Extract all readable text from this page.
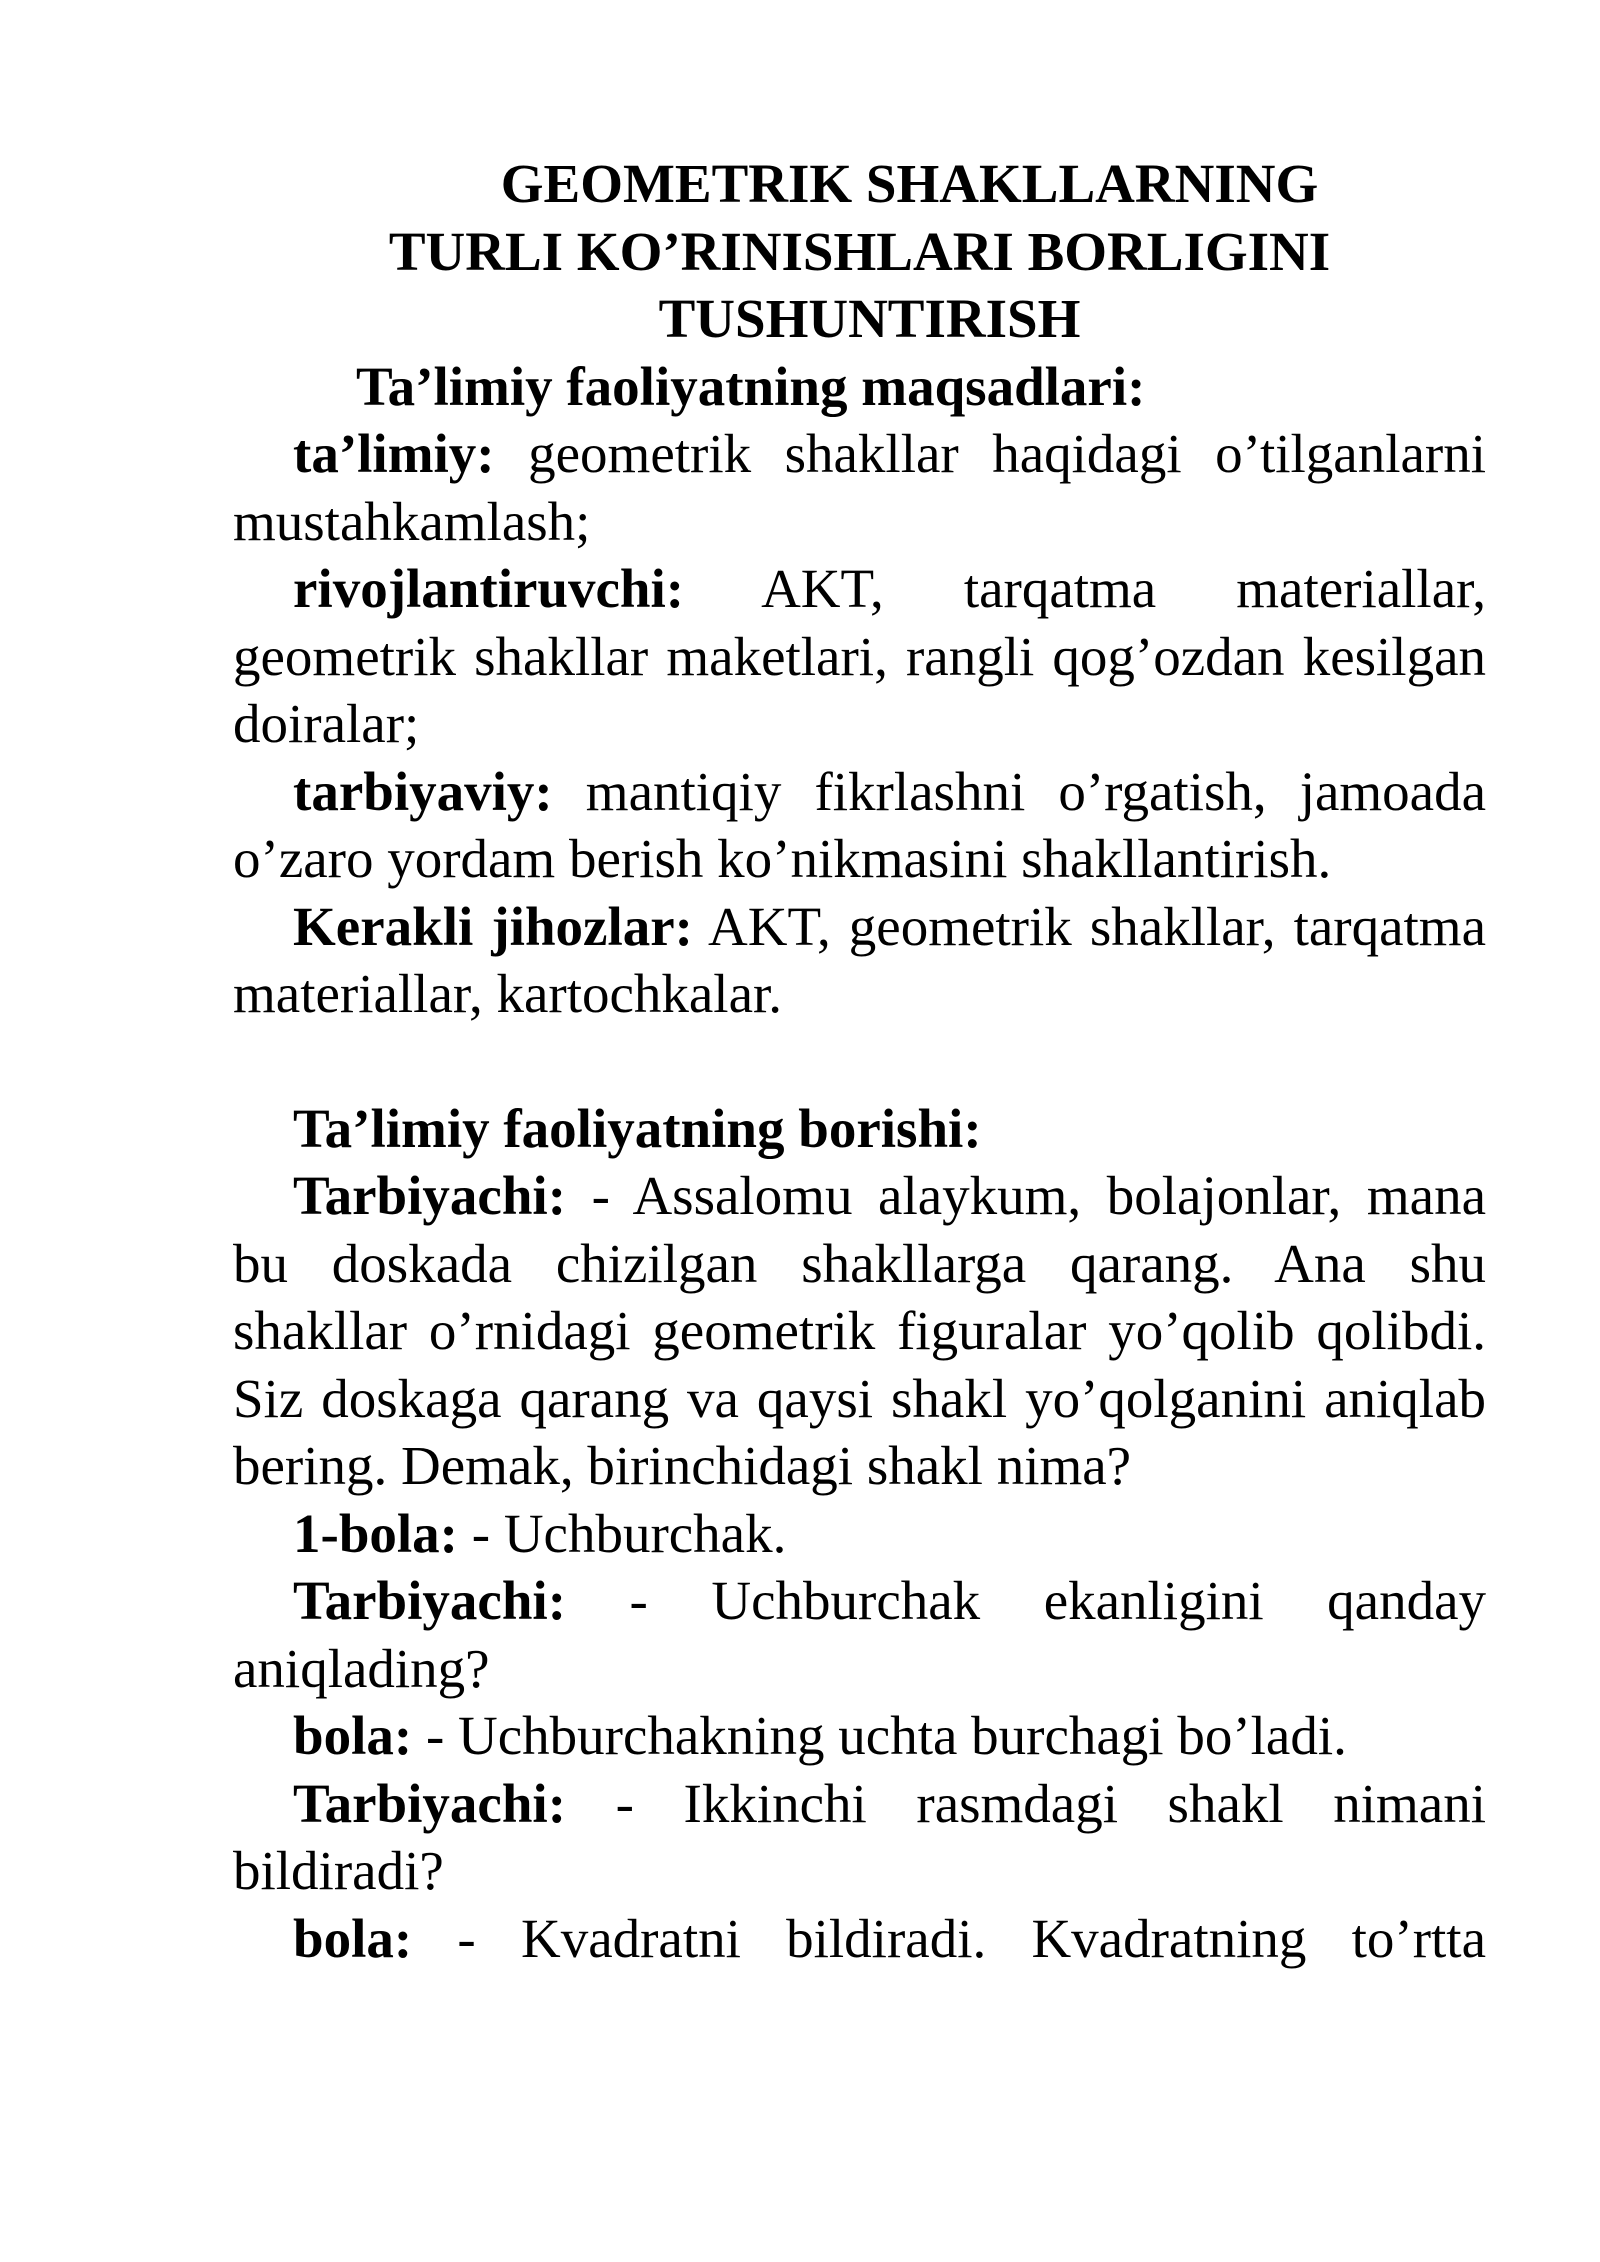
GEOMETRIK SHAKLLARNING
TURLI KO’RINISHLARI BORLIGINI
TUSHUNTIRISH

Ta’limiy faoliyatning maqsadlari:

ta’limiy: geometrik shakllar haqidagi o’tilganlarni mustahkamlash;

rivojlantiruvchi: AKT, tarqatma materiallar, geometrik shakllar maketlari, rangli qog’ozdan kesilgan doiralar;

tarbiyaviy: mantiqiy fikrlashni o’rgatish, jamoada o’zaro yordam berish ko’nikmasini shakllantirish.

Kerakli jihozlar: AKT, geometrik shakllar, tarqatma materiallar, kartochkalar.

Ta’limiy faoliyatning borishi:

Tarbiyachi: - Assalomu alaykum, bolajonlar, mana bu doskada chizilgan shakllarga qarang. Ana shu shakllar o’rnidagi geometrik figuralar yo’qolib qolibdi. Siz doskaga qarang va qaysi shakl yo’qolganini aniqlab bering. Demak, birinchidagi shakl nima?

1-bola: - Uchburchak.

Tarbiyachi: - Uchburchak ekanligini qanday aniqlading?

bola: - Uchburchakning uchta burchagi bo’ladi.

Tarbiyachi: - Ikkinchi rasmdagi shakl nimani bildiradi?

bola: - Kvadratni bildiradi. Kvadratning to’rtta
